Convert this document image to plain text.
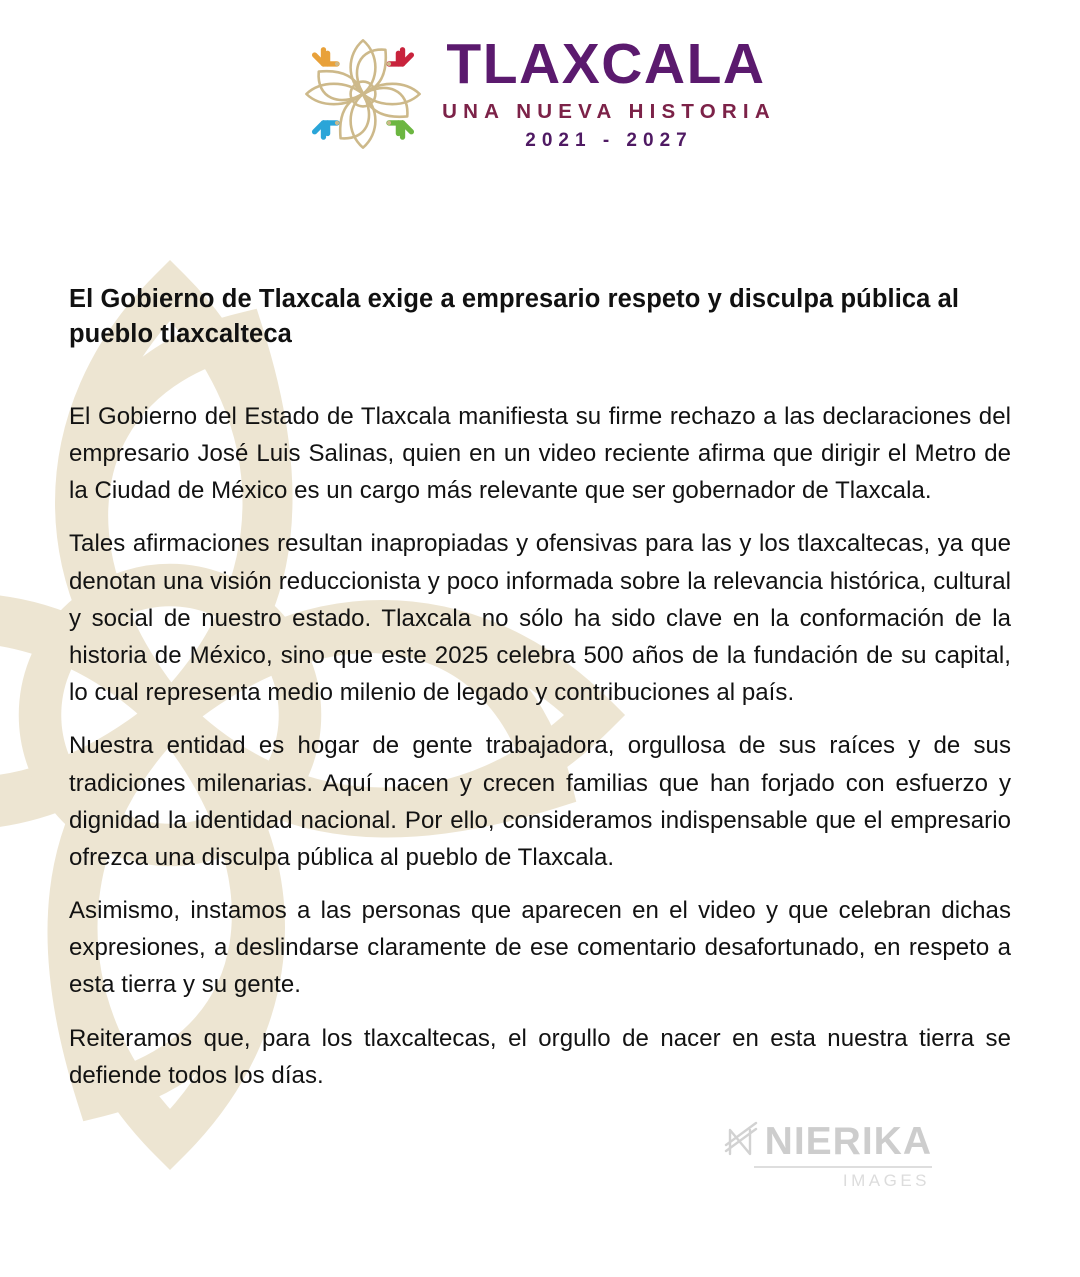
TLAXCALA
UNA NUEVA HISTORIA
2021 - 2027
El Gobierno de Tlaxcala exige a empresario respeto y disculpa pública al pueblo tlaxcalteca

El Gobierno del Estado de Tlaxcala manifiesta su firme rechazo a las declaraciones del empresario José Luis Salinas, quien en un video reciente afirma que dirigir el Metro de la Ciudad de México es un cargo más relevante que ser gobernador de Tlaxcala.

Tales afirmaciones resultan inapropiadas y ofensivas para las y los tlaxcaltecas, ya que denotan una visión reduccionista y poco informada sobre la relevancia histórica, cultural y social de nuestro estado. Tlaxcala no sólo ha sido clave en la conformación de la historia de México, sino que este 2025 celebra 500 años de la fundación de su capital, lo cual representa medio milenio de legado y contribuciones al país.

Nuestra entidad es hogar de gente trabajadora, orgullosa de sus raíces y de sus tradiciones milenarias. Aquí nacen y crecen familias que han forjado con esfuerzo y dignidad la identidad nacional. Por ello, consideramos indispensable que el empresario ofrezca una disculpa pública al pueblo de Tlaxcala.

Asimismo, instamos a las personas que aparecen en el video y que celebran dichas expresiones, a deslindarse claramente de ese comentario desafortunado, en respeto a esta tierra y su gente.

Reiteramos que, para los tlaxcaltecas, el orgullo de nacer en esta nuestra tierra se defiende todos los días.

NIERIKA
IMAGES
